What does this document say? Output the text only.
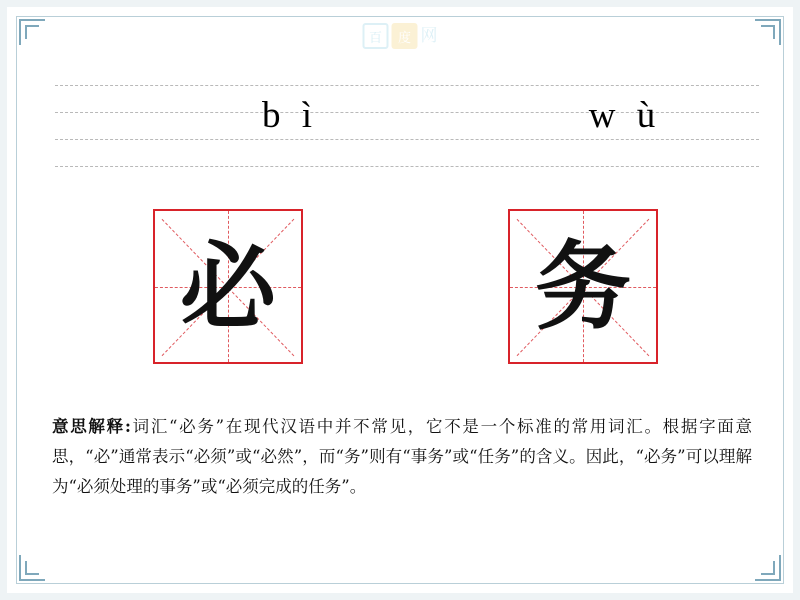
百	度 网
b ì	w ù
必	务
意思解释:词汇“必务”在现代汉语中并不常见，它不是一个标准的常用词汇。根据字面意思，“必”通常表示“必须”或“必然”，而“务”则有“事务”或“任务”的含义。因此，“必务”可以理解为“必须处理的事务”或“必须完成的任务”。
